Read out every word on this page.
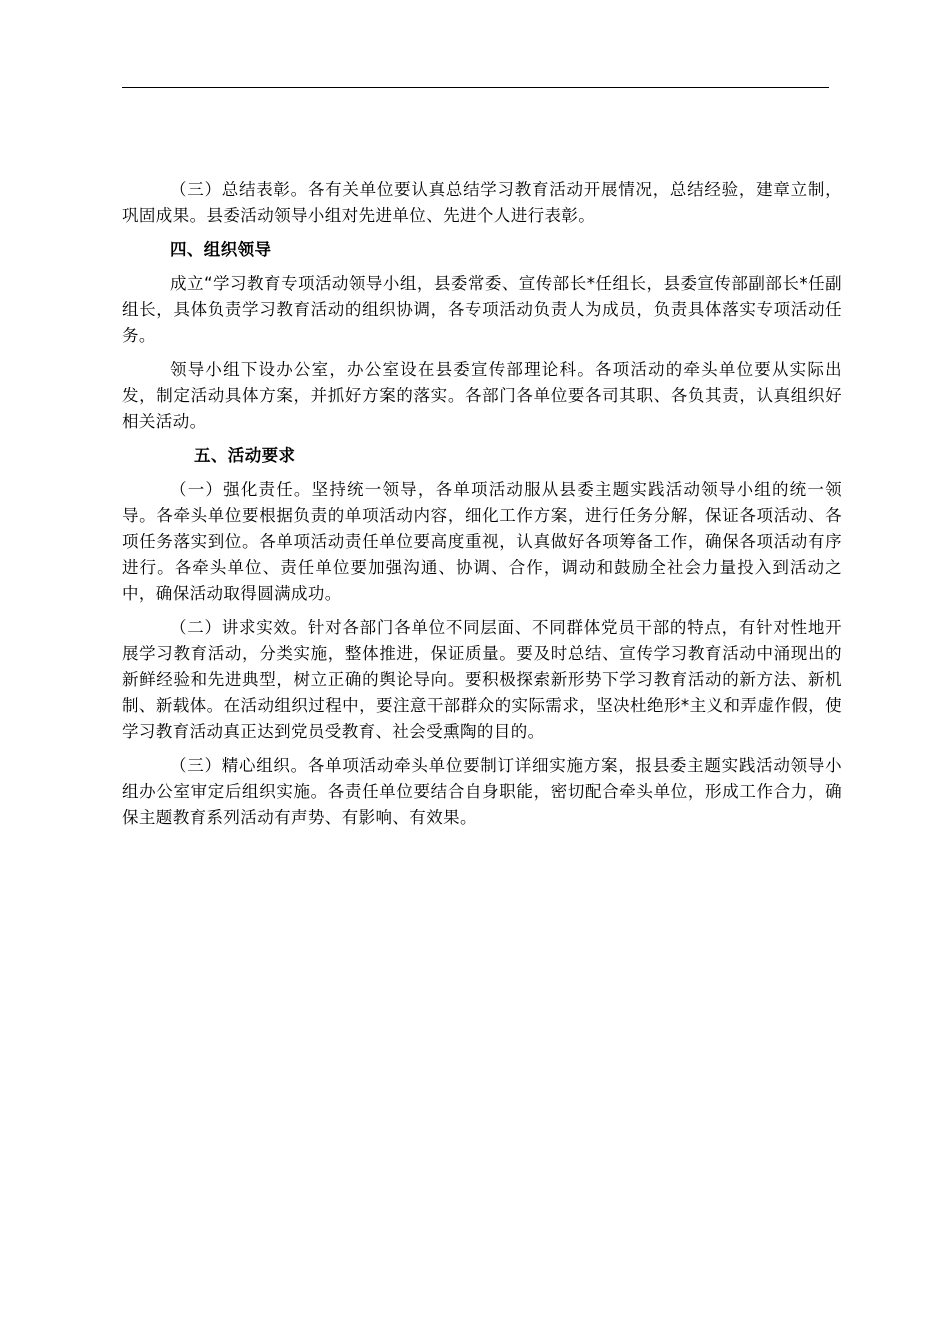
（三）总结表彰。各有关单位要认真总结学习教育活动开展情况，总结经验，建章立制，巩固成果。县委活动领导小组对先进单位、先进个人进行表彰。

四、组织领导

成立“学习教育专项活动领导小组，县委常委、宣传部长*任组长，县委宣传部副部长*任副组长，具体负责学习教育活动的组织协调，各专项活动负责人为成员，负责具体落实专项活动任务。

领导小组下设办公室，办公室设在县委宣传部理论科。各项活动的牵头单位要从实际出发，制定活动具体方案，并抓好方案的落实。各部门各单位要各司其职、各负其责，认真组织好相关活动。

五、活动要求

（一）强化责任。坚持统一领导，各单项活动服从县委主题实践活动领导小组的统一领导。各牵头单位要根据负责的单项活动内容，细化工作方案，进行任务分解，保证各项活动、各项任务落实到位。各单项活动责任单位要高度重视，认真做好各项筹备工作，确保各项活动有序进行。各牵头单位、责任单位要加强沟通、协调、合作，调动和鼓励全社会力量投入到活动之中，确保活动取得圆满成功。

（二）讲求实效。针对各部门各单位不同层面、不同群体党员干部的特点，有针对性地开展学习教育活动，分类实施，整体推进，保证质量。要及时总结、宣传学习教育活动中涌现出的新鲜经验和先进典型，树立正确的舆论导向。要积极探索新形势下学习教育活动的新方法、新机制、新载体。在活动组织过程中，要注意干部群众的实际需求，坚决杜绝形*主义和弄虚作假，使学习教育活动真正达到党员受教育、社会受熏陶的目的。

（三）精心组织。各单项活动牵头单位要制订详细实施方案，报县委主题实践活动领导小组办公室审定后组织实施。各责任单位要结合自身职能，密切配合牵头单位，形成工作合力，确保主题教育系列活动有声势、有影响、有效果。
